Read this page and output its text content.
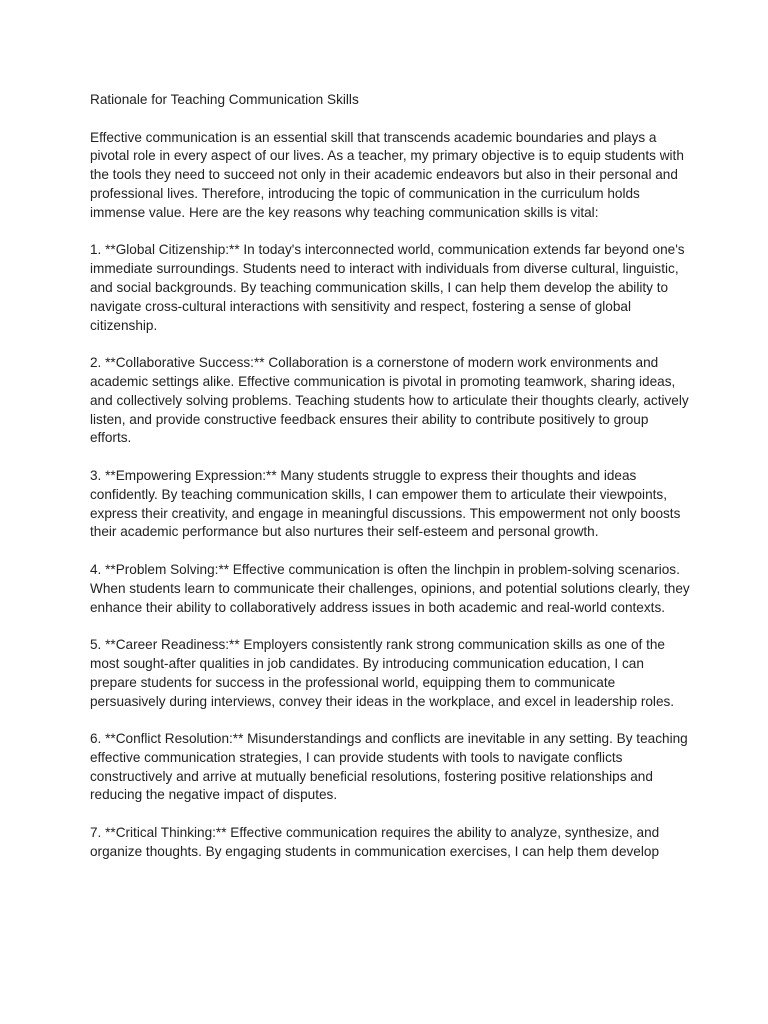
Rationale for Teaching Communication Skills

Effective communication is an essential skill that transcends academic boundaries and plays a pivotal role in every aspect of our lives. As a teacher, my primary objective is to equip students with the tools they need to succeed not only in their academic endeavors but also in their personal and professional lives. Therefore, introducing the topic of communication in the curriculum holds immense value. Here are the key reasons why teaching communication skills is vital:

1. **Global Citizenship:** In today's interconnected world, communication extends far beyond one's immediate surroundings. Students need to interact with individuals from diverse cultural, linguistic, and social backgrounds. By teaching communication skills, I can help them develop the ability to navigate cross-cultural interactions with sensitivity and respect, fostering a sense of global citizenship.

2. **Collaborative Success:** Collaboration is a cornerstone of modern work environments and academic settings alike. Effective communication is pivotal in promoting teamwork, sharing ideas, and collectively solving problems. Teaching students how to articulate their thoughts clearly, actively listen, and provide constructive feedback ensures their ability to contribute positively to group efforts.

3. **Empowering Expression:** Many students struggle to express their thoughts and ideas confidently. By teaching communication skills, I can empower them to articulate their viewpoints, express their creativity, and engage in meaningful discussions. This empowerment not only boosts their academic performance but also nurtures their self-esteem and personal growth.

4. **Problem Solving:** Effective communication is often the linchpin in problem-solving scenarios. When students learn to communicate their challenges, opinions, and potential solutions clearly, they enhance their ability to collaboratively address issues in both academic and real-world contexts.

5. **Career Readiness:** Employers consistently rank strong communication skills as one of the most sought-after qualities in job candidates. By introducing communication education, I can prepare students for success in the professional world, equipping them to communicate persuasively during interviews, convey their ideas in the workplace, and excel in leadership roles.

6. **Conflict Resolution:** Misunderstandings and conflicts are inevitable in any setting. By teaching effective communication strategies, I can provide students with tools to navigate conflicts constructively and arrive at mutually beneficial resolutions, fostering positive relationships and reducing the negative impact of disputes.

7. **Critical Thinking:** Effective communication requires the ability to analyze, synthesize, and organize thoughts. By engaging students in communication exercises, I can help them develop
